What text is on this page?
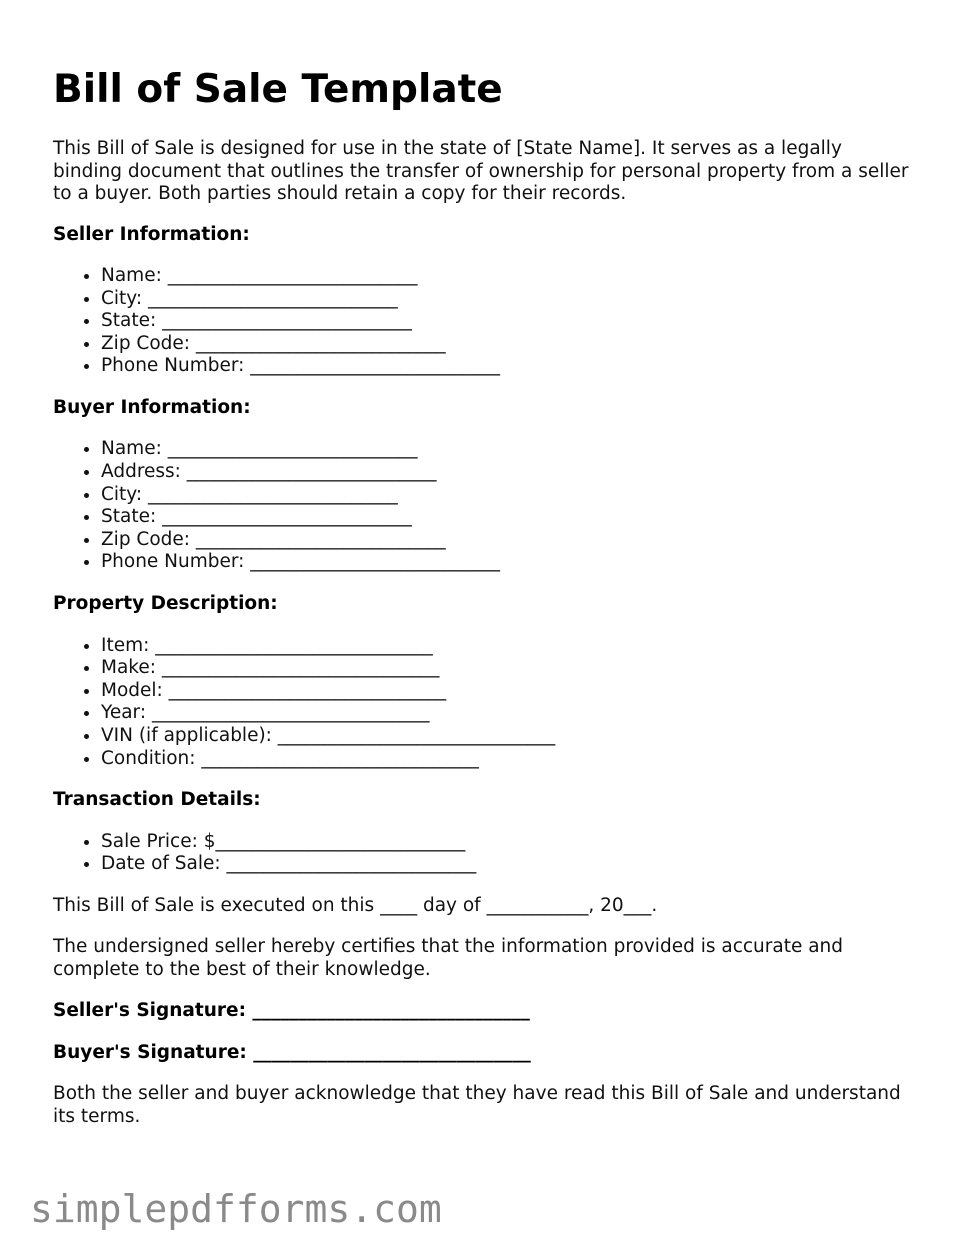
Bill of Sale Template

This Bill of Sale is designed for use in the state of [State Name]. It serves as a legally binding document that outlines the transfer of ownership for personal property from a seller to a buyer. Both parties should retain a copy for their records.

Seller Information:
• Name: ___________________________
• City: ___________________________
• State: ___________________________
• Zip Code: ___________________________
• Phone Number: ___________________________
Buyer Information:
• Name: ___________________________
• Address: ___________________________
• City: ___________________________
• State: ___________________________
• Zip Code: ___________________________
• Phone Number: ___________________________
Property Description:
• Item: ______________________________
• Make: ______________________________
• Model: ______________________________
• Year: ______________________________
• VIN (if applicable): ______________________________
• Condition: ______________________________
Transaction Details:
• Sale Price: $___________________________
• Date of Sale: ___________________________

This Bill of Sale is executed on this ____ day of ___________, 20___.

The undersigned seller hereby certifies that the information provided is accurate and complete to the best of their knowledge.

Seller's Signature: ______________________________
Buyer's Signature: ______________________________

Both the seller and buyer acknowledge that they have read this Bill of Sale and understand its terms.

simplepdfforms.com
